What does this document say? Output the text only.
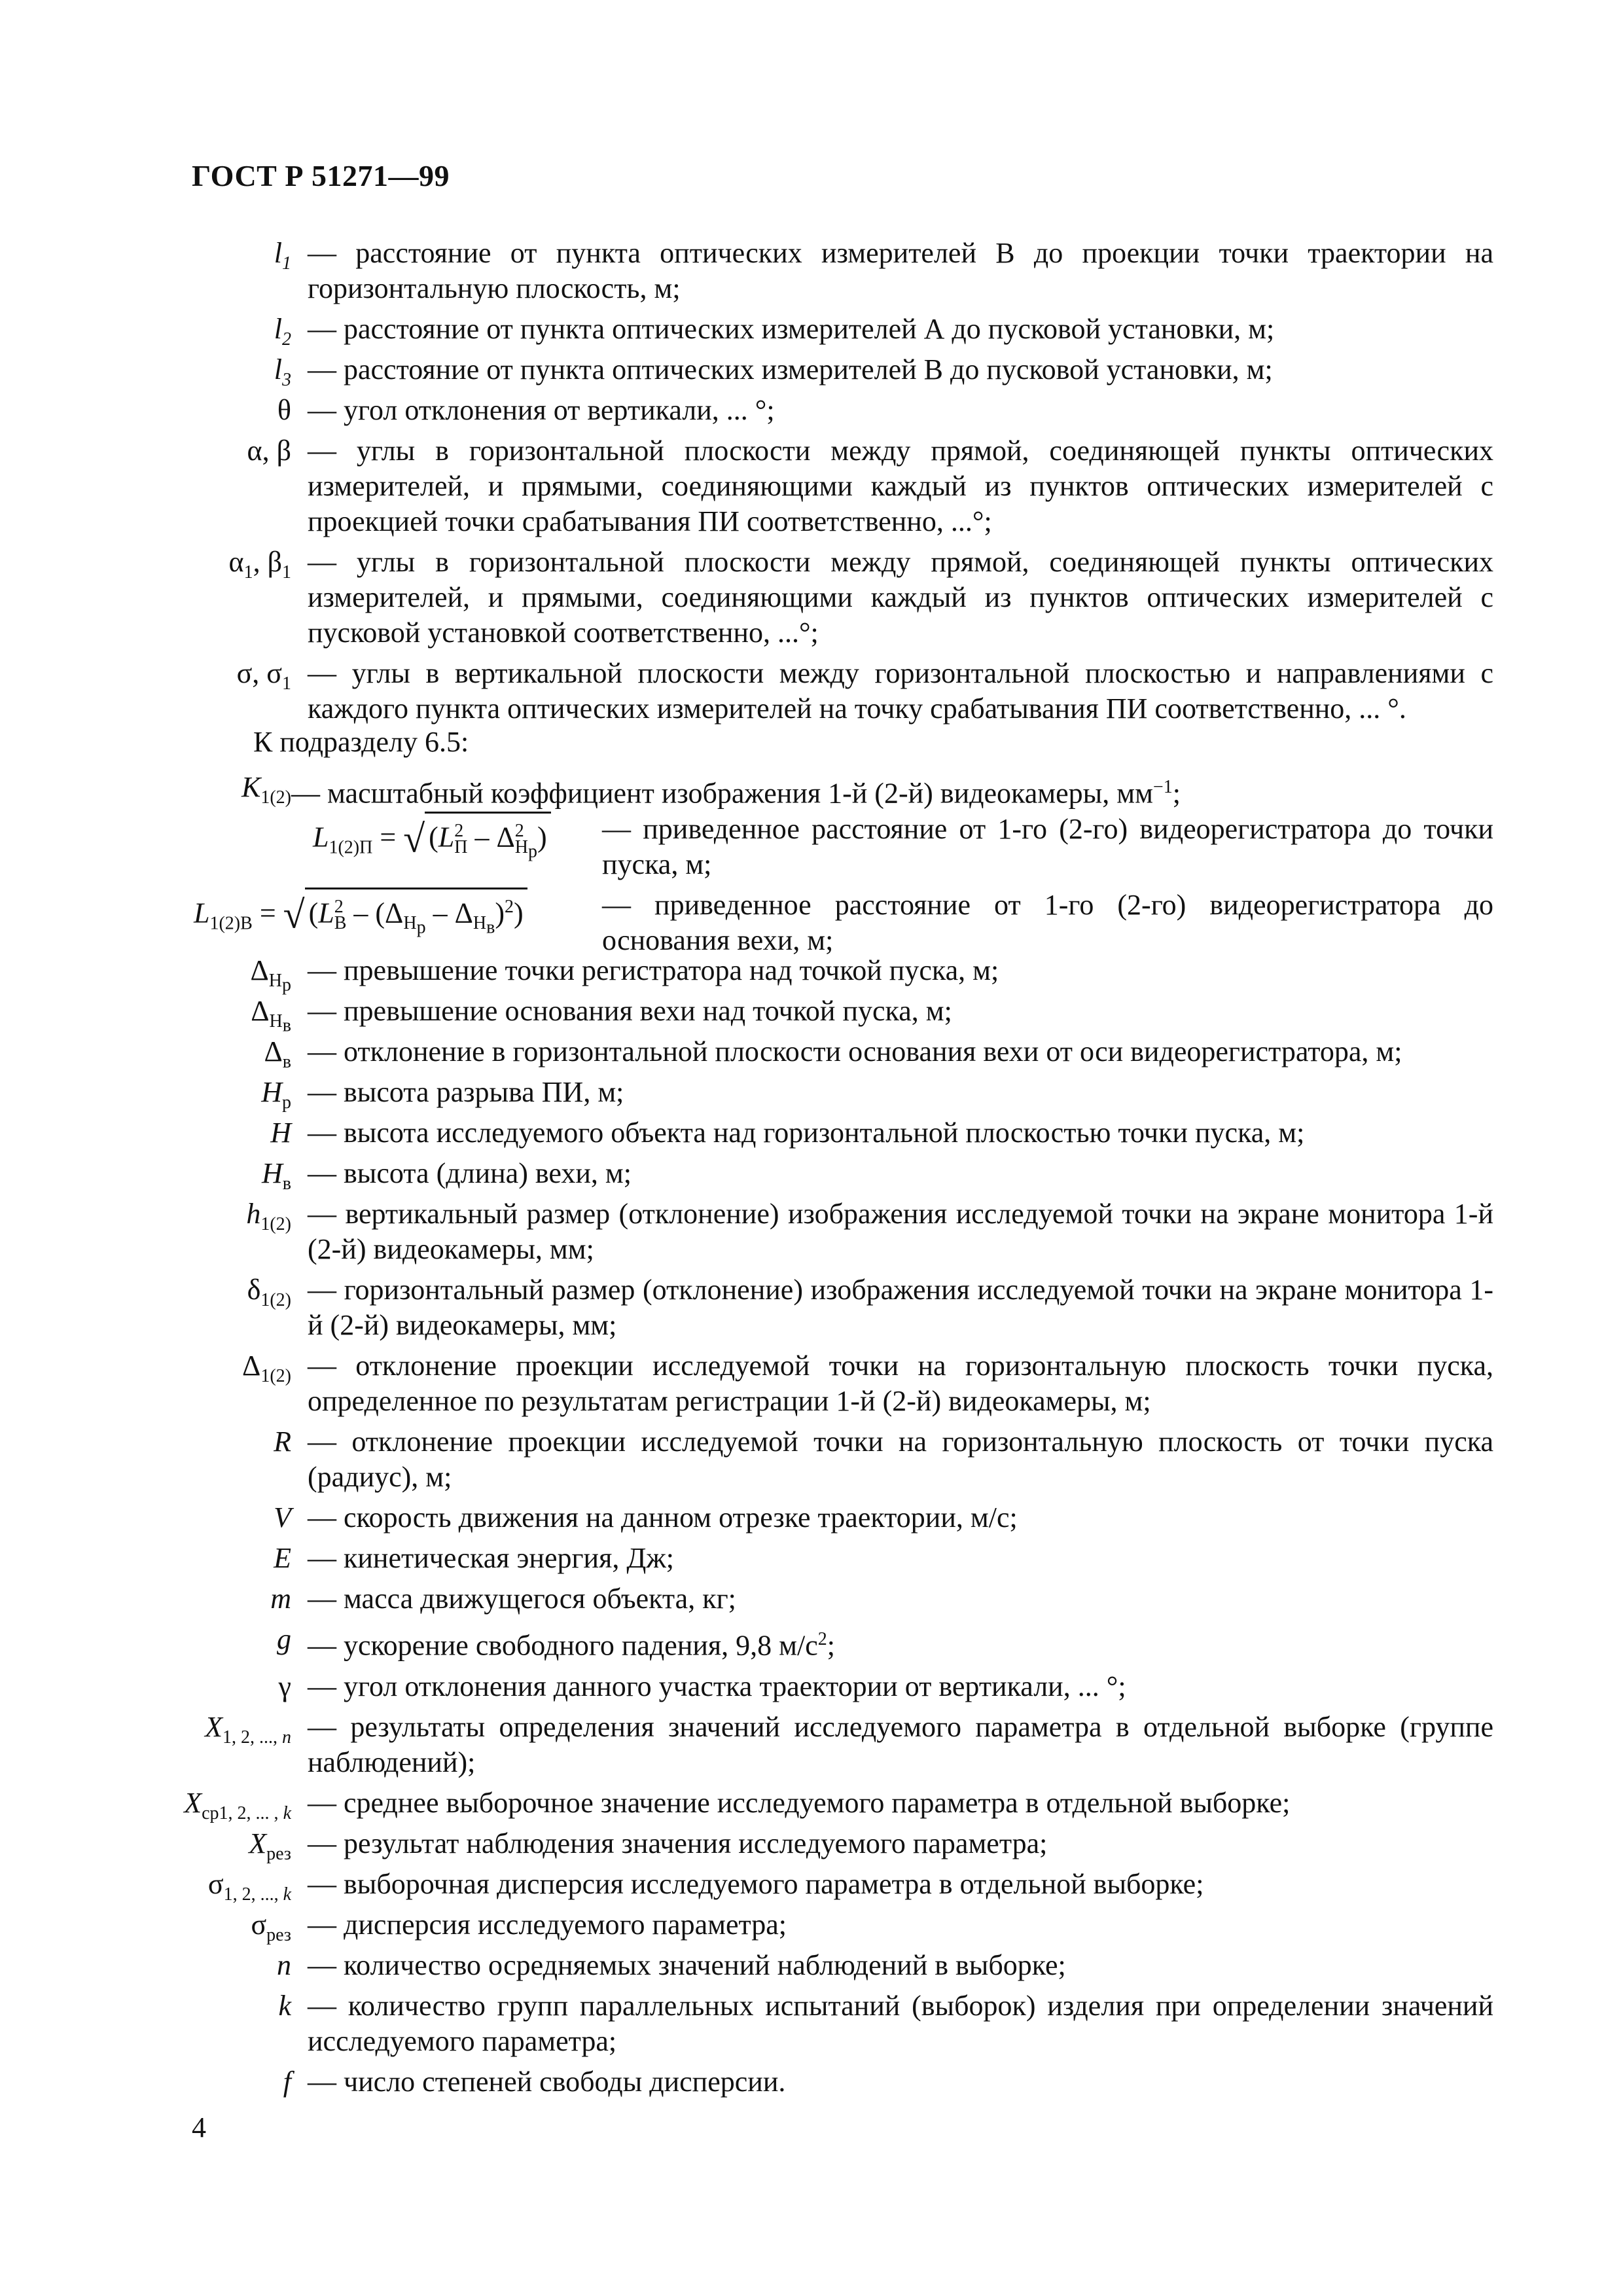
ГОСТ Р 51271—99
$l_1$ — расстояние от пункта оптических измерителей В до проекции точки траектории на горизонтальную плоскость, м;
$l_2$ — расстояние от пункта оптических измерителей А до пусковой установки, м;
$l_3$ — расстояние от пункта оптических измерителей В до пусковой установки, м;
θ — угол отклонения от вертикали, ... °;
α, β — углы в горизонтальной плоскости между прямой, соединяющей пункты оптических измерителей, и прямыми, соединяющими каждый из пунктов оптических измерителей с проекцией точки срабатывания ПИ соответственно, ...°;
$\alpha_1$, $\beta_1$ — углы в горизонтальной плоскости между прямой, соединяющей пункты оптических измерителей, и прямыми, соединяющими каждый из пунктов оптических измерителей с пусковой установкой соответственно, ...°;
σ, $\sigma_1$ — углы в вертикальной плоскости между горизонтальной плоскостью и направлениями с каждого пункта оптических измерителей на точку срабатывания ПИ соответственно, ... °.
К подразделу 6.5:
$K_{1(2)}$ — масштабный коэффициент изображения 1-й (2-й) видеокамеры, $мм^{-1}$;
$L_{1(2)П}$ = √ $(L^2_П - \Delta^2_{H_р})$ — приведенное расстояние от 1-го (2-го) видеорегистратора до точки пуска, м;
$L_{1(2)В}$ = √ $(L^2_В - (\Delta_{H_р} - \Delta_{H_в})^2)$	— приведенное расстояние от 1-го (2-го) видеорегистратора до основания вехи, м;
$\Delta_{H_р}$ — превышение точки регистратора над точкой пуска, м;
$\Delta_{H_в}$ — превышение основания вехи над точкой пуска, м;
$\Delta_в$ — отклонение в горизонтальной плоскости основания вехи от оси видеорегистратора, м;
$H_р$ — высота разрыва ПИ, м;
H — высота исследуемого объекта над горизонтальной плоскостью точки пуска, м;
$H_в$ — высота (длина) вехи, м;
$h_{1(2)}$ — вертикальный размер (отклонение) изображения исследуемой точки на экране монитора 1-й (2-й) видеокамеры, мм;
$\delta_{1(2)}$ — горизонтальный размер (отклонение) изображения исследуемой точки на экране монитора 1-й (2-й) видеокамеры, мм;
$\Delta_{1(2)}$ — отклонение проекции исследуемой точки на горизонтальную плоскость точки пуска, определенное по результатам регистрации 1-й (2-й) видеокамеры, м;
R — отклонение проекции исследуемой точки на горизонтальную плоскость от точки пуска (радиус), м;
V — скорость движения на данном отрезке траектории, м/с;
E — кинетическая энергия, Дж;
m — масса движущегося объекта, кг;
g — ускорение свободного падения, 9,8 $м/с^2$;
γ — угол отклонения данного участка траектории от вертикали, ... °;
$X_{1, 2, ..., n}$ — результаты определения значений исследуемого параметра в отдельной выборке (группе наблюдений);
$X_{ср1, 2, ... , k}$ — среднее выборочное значение исследуемого параметра в отдельной выборке;
$X_{рез}$ — результат наблюдения значения исследуемого параметра;
$\sigma_{1, 2, ..., k}$ — выборочная дисперсия исследуемого параметра в отдельной выборке;
$\sigma_{рез}$ — дисперсия исследуемого параметра;
n — количество осредняемых значений наблюдений в выборке;
k — количество групп параллельных испытаний (выборок) изделия при определении значений исследуемого параметра;
f — число степеней свободы дисперсии.
4
